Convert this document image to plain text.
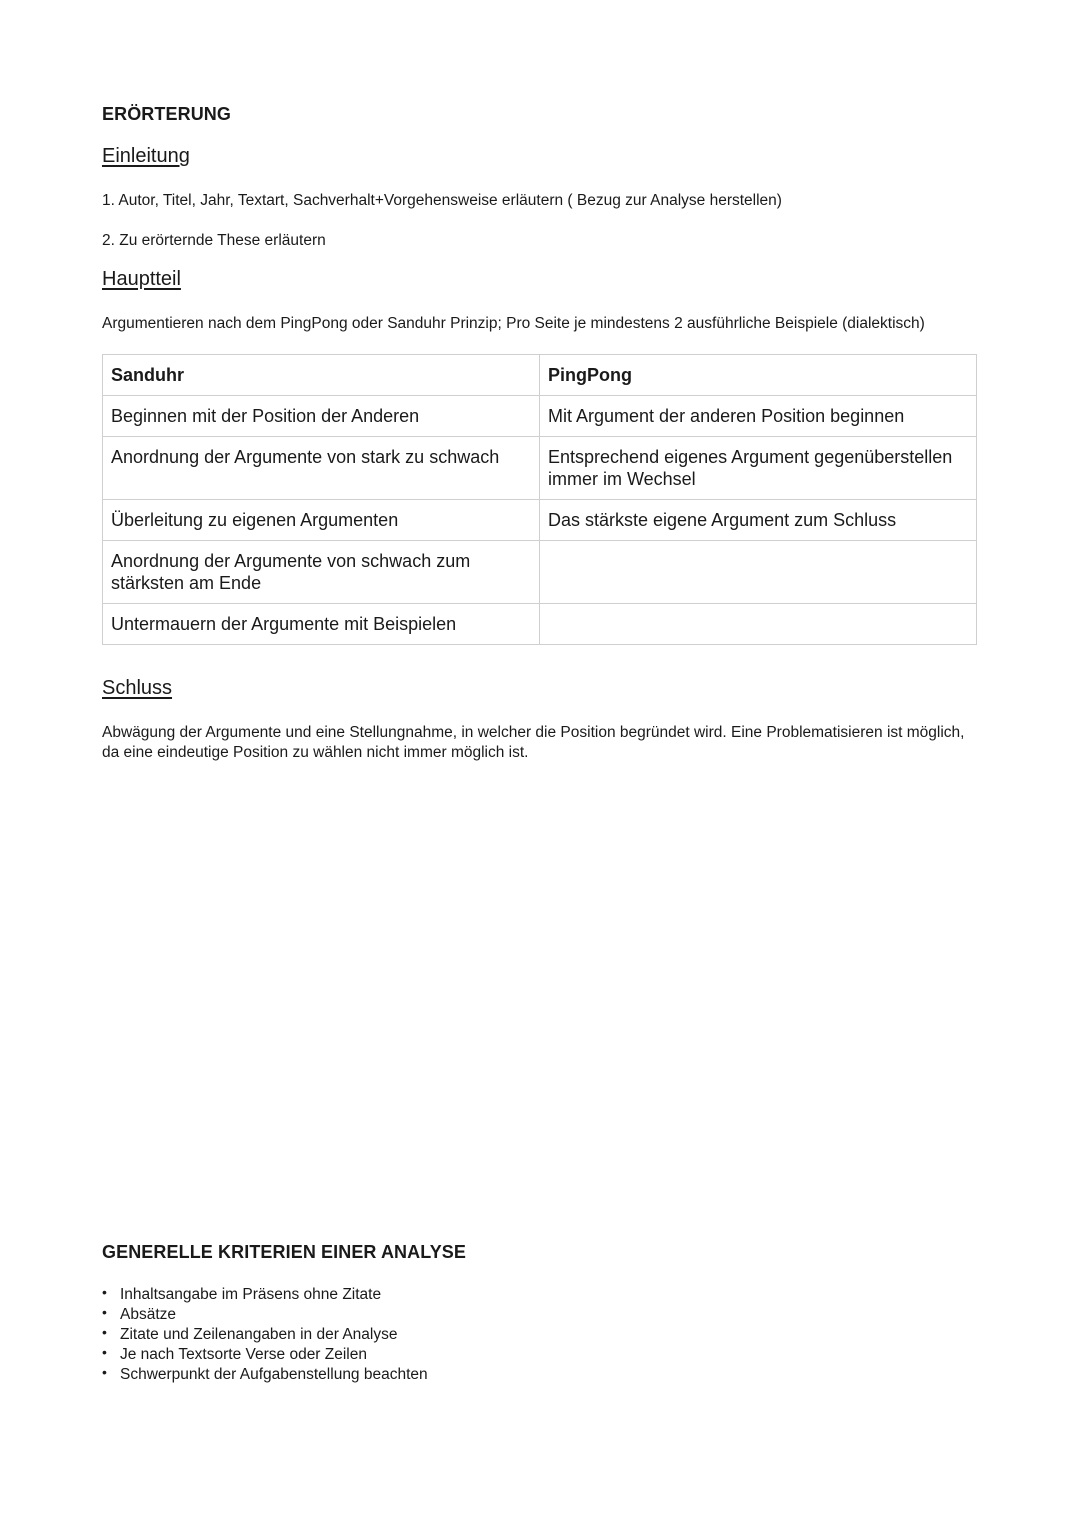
ERÖRTERUNG
Einleitung
1. Autor, Titel, Jahr, Textart, Sachverhalt+Vorgehensweise erläutern ( Bezug zur Analyse herstellen)
2. Zu erörternde These erläutern
Hauptteil
Argumentieren nach dem PingPong oder Sanduhr Prinzip; Pro Seite je mindestens 2 ausführliche Beispiele (dialektisch)
Sanduhr	PingPong
Beginnen mit der Position der Anderen	Mit Argument der anderen Position beginnen
Anordnung der Argumente von stark zu schwach	Entsprechend eigenes Argument gegenüberstellen immer im Wechsel
Überleitung zu eigenen Argumenten	Das stärkste eigene Argument zum Schluss
Anordnung der Argumente von schwach zum stärksten am Ende	
Untermauern der Argumente mit Beispielen	
Schluss
Abwägung der Argumente und eine Stellungnahme, in welcher die Position begründet wird. Eine Problematisieren ist möglich, da eine eindeutige Position zu wählen nicht immer möglich ist.
GENERELLE KRITERIEN EINER ANALYSE
• Inhaltsangabe im Präsens ohne Zitate
• Absätze
• Zitate und Zeilenangaben in der Analyse
• Je nach Textsorte Verse oder Zeilen
• Schwerpunkt der Aufgabenstellung beachten
